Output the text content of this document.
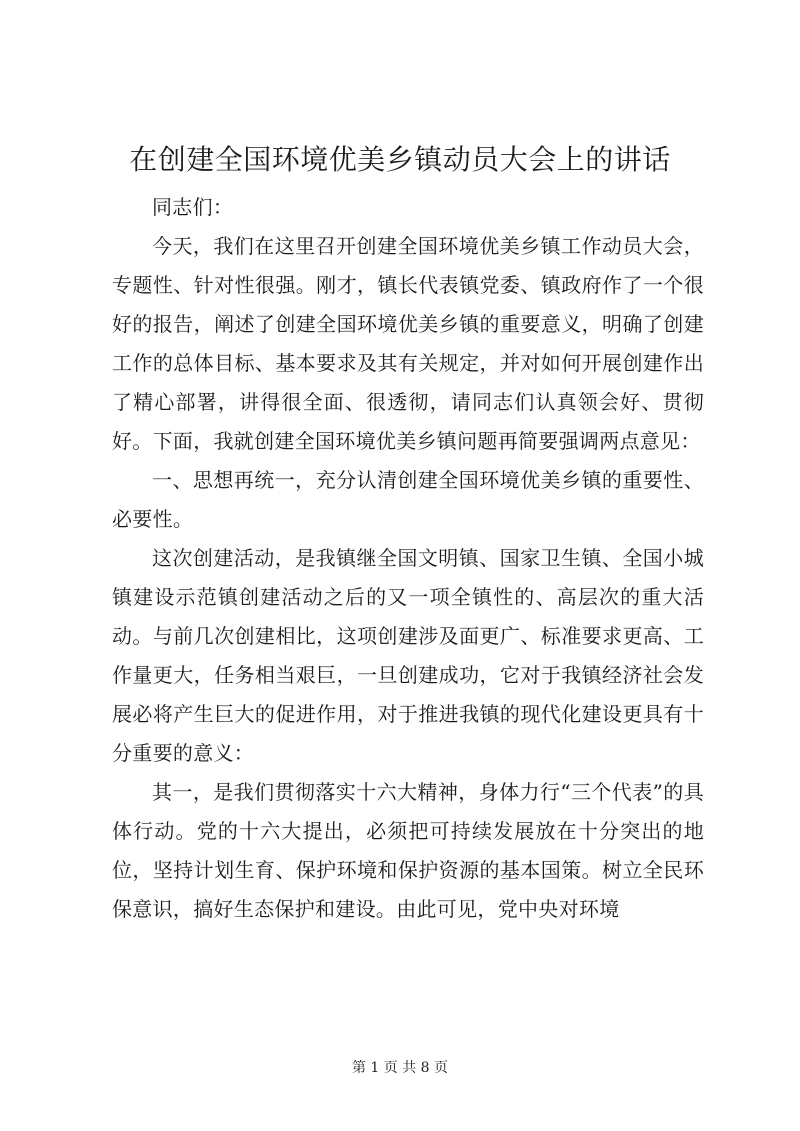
在创建全国环境优美乡镇动员大会上的讲话

同志们：

今天，我们在这里召开创建全国环境优美乡镇工作动员大会，专题性、针对性很强。刚才，镇长代表镇党委、镇政府作了一个很好的报告，阐述了创建全国环境优美乡镇的重要意义，明确了创建工作的总体目标、基本要求及其有关规定，并对如何开展创建作出了精心部署，讲得很全面、很透彻，请同志们认真领会好、贯彻好。下面，我就创建全国环境优美乡镇问题再简要强调两点意见：

一、思想再统一，充分认清创建全国环境优美乡镇的重要性、必要性。

这次创建活动，是我镇继全国文明镇、国家卫生镇、全国小城镇建设示范镇创建活动之后的又一项全镇性的、高层次的重大活动。与前几次创建相比，这项创建涉及面更广、标准要求更高、工作量更大，任务相当艰巨，一旦创建成功，它对于我镇经济社会发展必将产生巨大的促进作用，对于推进我镇的现代化建设更具有十分重要的意义：

其一，是我们贯彻落实十六大精神，身体力行“三个代表”的具体行动。党的十六大提出，必须把可持续发展放在十分突出的地位，坚持计划生育、保护环境和保护资源的基本国策。树立全民环保意识，搞好生态保护和建设。由此可见，党中央对环境

第 1 页 共 8 页
